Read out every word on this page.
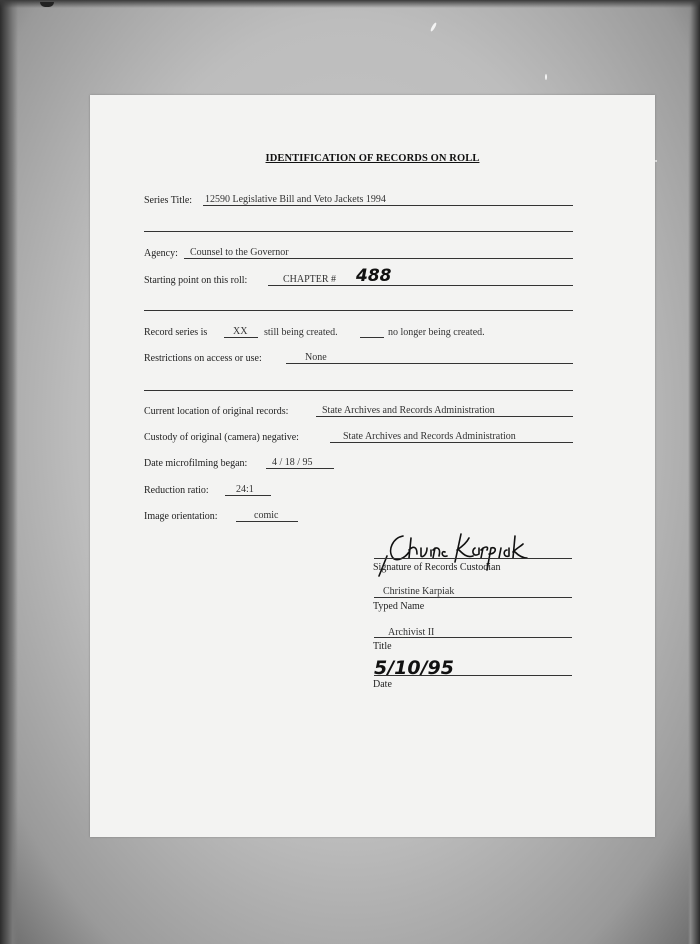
IDENTIFICATION OF RECORDS ON ROLL
Series Title: 12590 Legislative Bill and Veto Jackets 1994
Agency: Counsel to the Governor
Starting point on this roll:	CHAPTER # 488
Record series is	XX still being created.	no longer being created.
Restrictions on access or use:	None
Current location of original records:	State Archives and Records Administration
Custody of original (camera) negative:	State Archives and Records Administration
Date microfilming began: 4 / 18 / 95
Reduction ratio:	24:1
Image orientation:	comic
Signature of Records Custodian
Christine Karpiak
Typed Name
Archivist II
Title
5/10/95
Date
